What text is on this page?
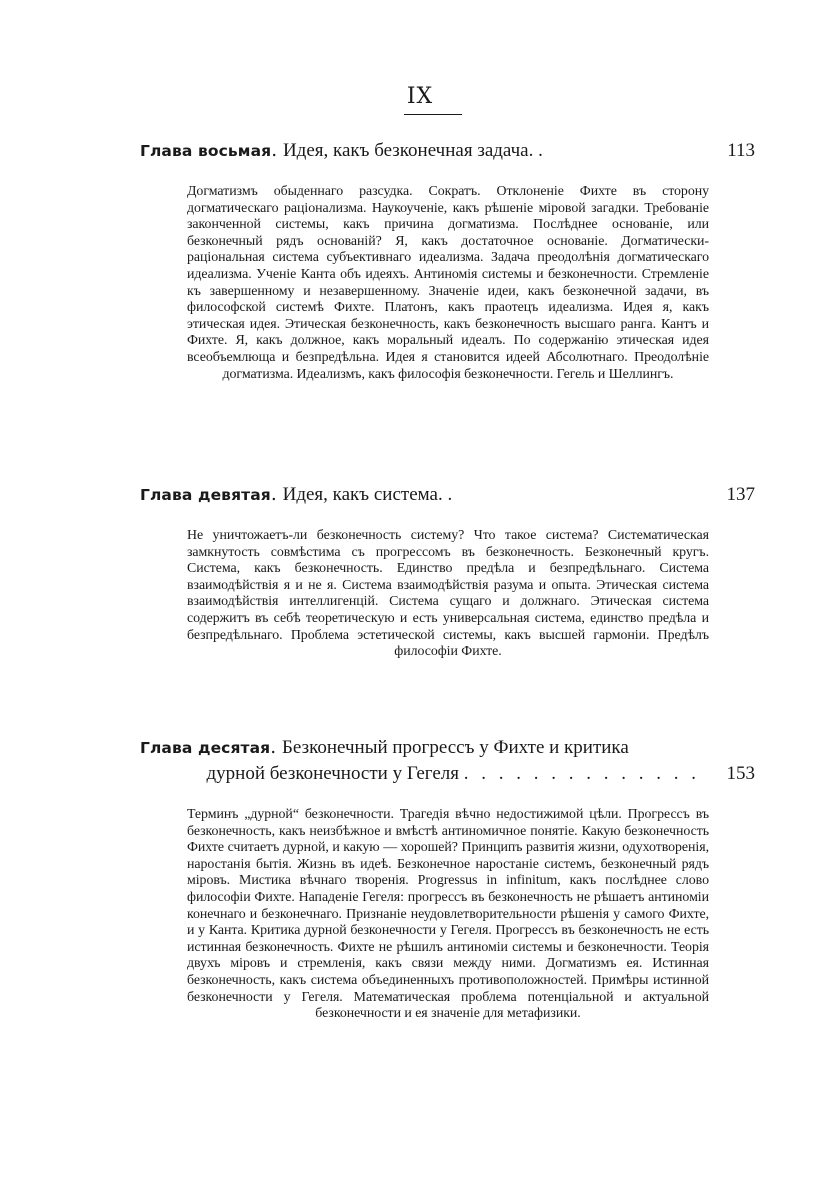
IX
Глава восьмая. Идея, какъ безконечная задача. .	113

Догматизмъ обыденнаго разсудка. Сократъ. Отклоненіе Фихте въ сторону догматическаго раціонализма. Наукоученіе, какъ рѣшеніе міровой загадки. Требованіе законченной системы, какъ причина догматизма. Послѣднее основаніе, или безконечный рядъ основаній? Я, какъ достаточное основаніе. Догматически-раціональная система субъективнаго идеализма. Задача преодолѣнія догматическаго идеализма. Ученіе Канта объ идеяхъ. Антиномія системы и безконечности. Стремленіе къ завершенному и незавершенному. Значеніе идеи, какъ безконечной задачи, въ философской системѣ Фихте. Платонъ, какъ праотецъ идеализма. Идея я, какъ этическая идея. Этическая безконечность, какъ безконечность высшаго ранга. Кантъ и Фихте. Я, какъ должное, какъ моральный идеалъ. По содержанію этическая идея всеобъемлюща и безпредѣльна. Идея я становится идеей Абсолютнаго. Преодолѣніе догматизма. Идеализмъ, какъ философія безконечности. Гегель и Шеллингъ.

Глава девятая. Идея, какъ система. .	137

Не уничтожаетъ-ли безконечность систему? Что такое система? Систематическая замкнутость совмѣстима съ прогрессомъ въ безконечность. Безконечный кругъ. Система, какъ безконечность. Единство предѣла и безпредѣльнаго. Система взаимодѣйствія я и не я. Система взаимодѣйствія разума и опыта. Этическая система взаимодѣйствія интеллигенцій. Система сущаго и должнаго. Этическая система содержитъ въ себѣ теоретическую и есть универсальная система, единство предѣла и безпредѣльнаго. Проблема эстетической системы, какъ высшей гармоніи. Предѣлъ философіи Фихте.

Глава десятая. Безконечный прогрессъ у Фихте и критика
дурной безконечности у Гегеля . . . . . . . . . . . . . . 153

Терминъ „дурной“ безконечности. Трагедія вѣчно недостижимой цѣли. Прогрессъ въ безконечность, какъ неизбѣжное и вмѣстѣ антиномичное понятіе. Какую безконечность Фихте считаетъ дурной, и какую — хорошей? Принципъ развитія жизни, одухотворенія, наростанія бытія. Жизнь въ идеѣ. Безконечное наростаніе системъ, безконечный рядъ міровъ. Мистика вѣчнаго творенія. Progressus in infinitum, какъ послѣднее слово философіи Фихте. Нападеніе Гегеля: прогрессъ въ безконечность не рѣшаетъ антиноміи конечнаго и безконечнаго. Признаніе неудовлетворительности рѣшенія у самого Фихте, и у Канта. Критика дурной безконечности у Гегеля. Прогрессъ въ безконечность не есть истинная безконечность. Фихте не рѣшилъ антиноміи системы и безконечности. Теорія двухъ міровъ и стремленія, какъ связи между ними. Догматизмъ ея. Истинная безконечность, какъ система объединенныхъ противоположностей. Примѣры истинной безконечности у Гегеля. Математическая проблема потенціальной и актуальной безконечности и ея значеніе для метафизики.
